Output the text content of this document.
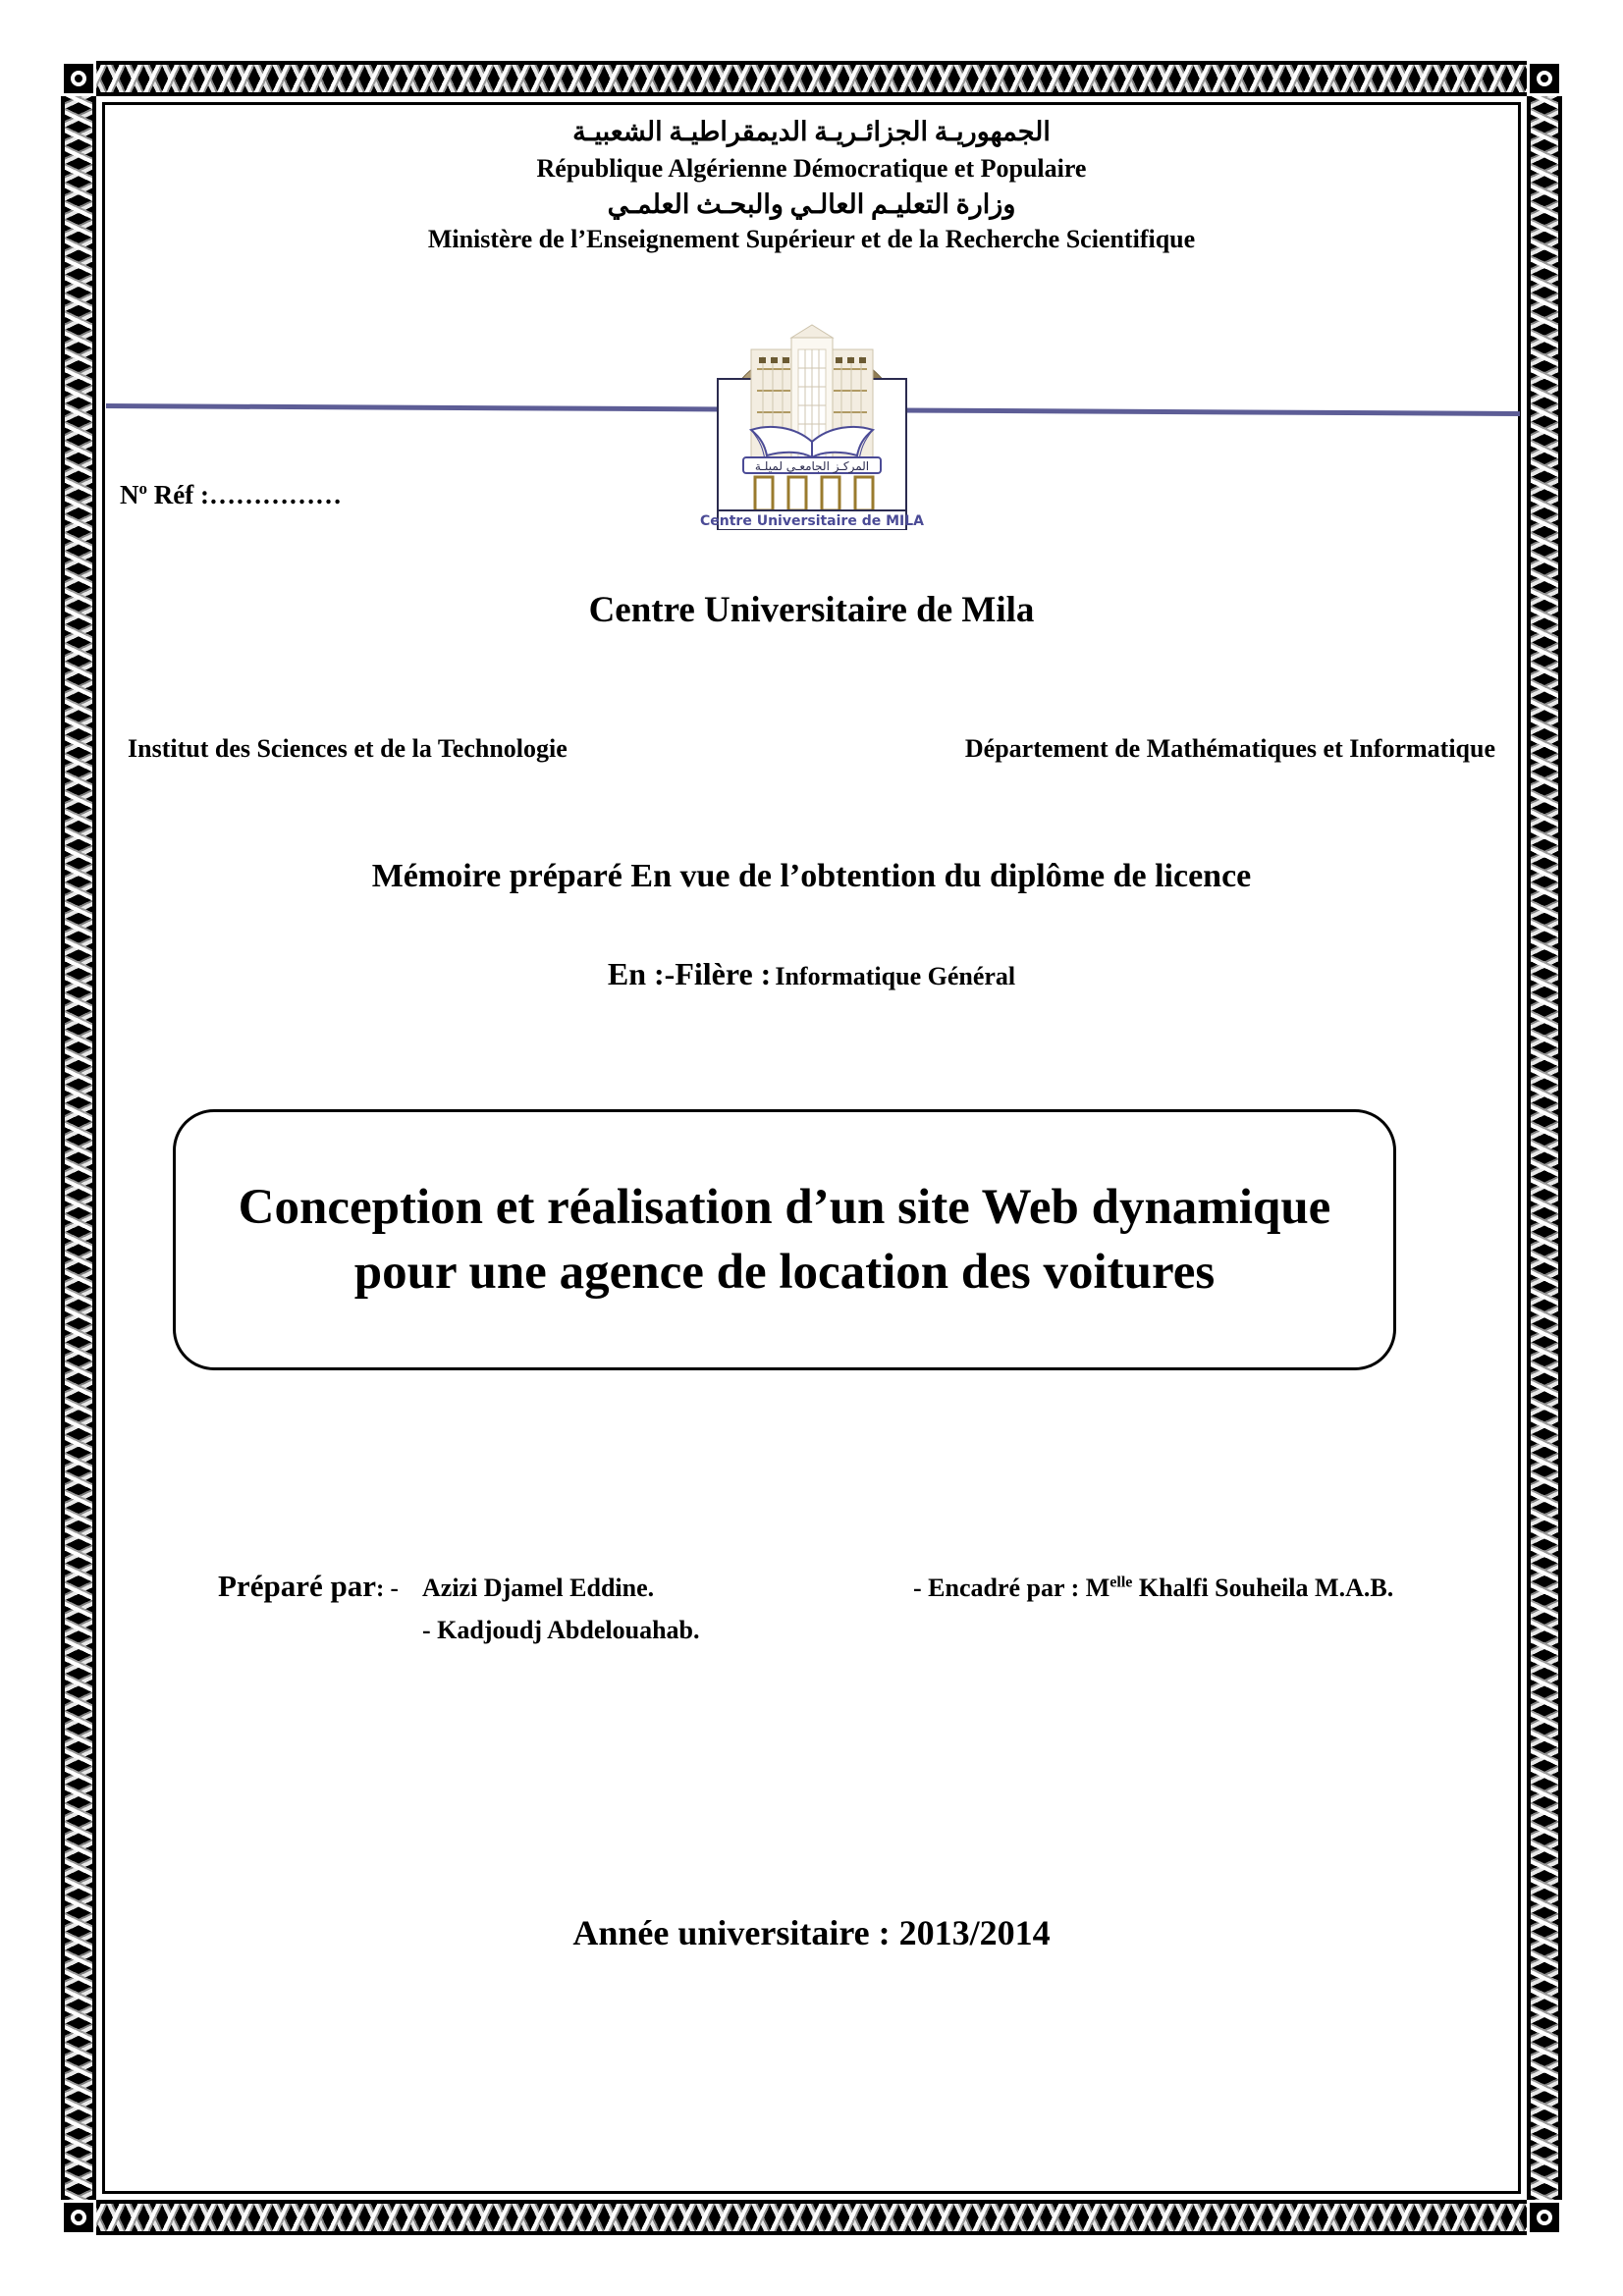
الجمهوريـة الجزائـريـة الديمقراطيـة الشعبيـة
République Algérienne Démocratique et Populaire
وزارة التعليـم العالـي والبحـث العلمـي
Ministère de l’Enseignement Supérieur et de la Recherche Scientifique
المركـز الجامعـي لميلـة
Centre Universitaire de MILA
$N^o$ Réf :……………
Centre Universitaire de Mila
Institut des Sciences et de la Technologie	Département de Mathématiques et Informatique
Mémoire préparé En vue de l’obtention du diplôme de licence
En :-Filère : Informatique Général
Conception et réalisation d’un site Web dynamique pour une agence de location des voitures
Préparé par: - Azizi Djamel Eddine.
- Kadjoudj Abdelouahab.
- Encadré par : $M^{elle}$ Khalfi Souheila M.A.B.
Année universitaire : 2013/2014
